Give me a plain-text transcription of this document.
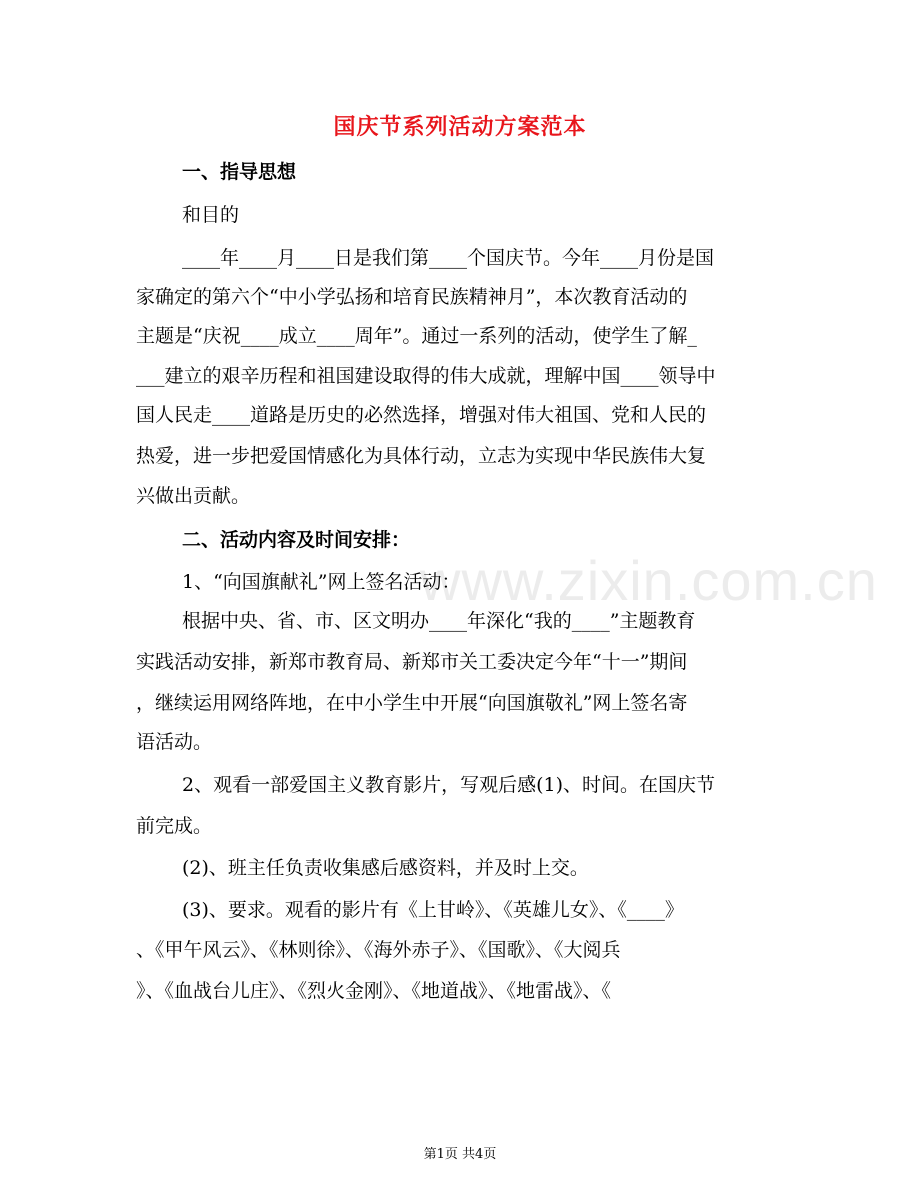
www.zixin.com.cn
国庆节系列活动方案范本
一、指导思想
和目的
____年____月____日是我们第____个国庆节。今年____月份是国
家确定的第六个“中小学弘扬和培育民族精神月”，本次教育活动的
主题是“庆祝____成立____周年”。通过一系列的活动，使学生了解_
___建立的艰辛历程和祖国建设取得的伟大成就，理解中国____领导中
国人民走____道路是历史的必然选择，增强对伟大祖国、党和人民的
热爱，进一步把爱国情感化为具体行动，立志为实现中华民族伟大复
兴做出贡献。
二、活动内容及时间安排：
1、“向国旗献礼”网上签名活动：
根据中央、省、市、区文明办____年深化“我的____”主题教育
实践活动安排，新郑市教育局、新郑市关工委决定今年“十一”期间
，继续运用网络阵地，在中小学生中开展“向国旗敬礼”网上签名寄
语活动。
2、观看一部爱国主义教育影片，写观后感(1)、时间。在国庆节
前完成。
(2)、班主任负责收集感后感资料，并及时上交。
(3)、要求。观看的影片有《上甘岭》、《英雄儿女》、《____》
、《甲午风云》、《林则徐》、《海外赤子》、《国歌》、《大阅兵
》、《血战台儿庄》、《烈火金刚》、《地道战》、《地雷战》、《
第1页 共4页
